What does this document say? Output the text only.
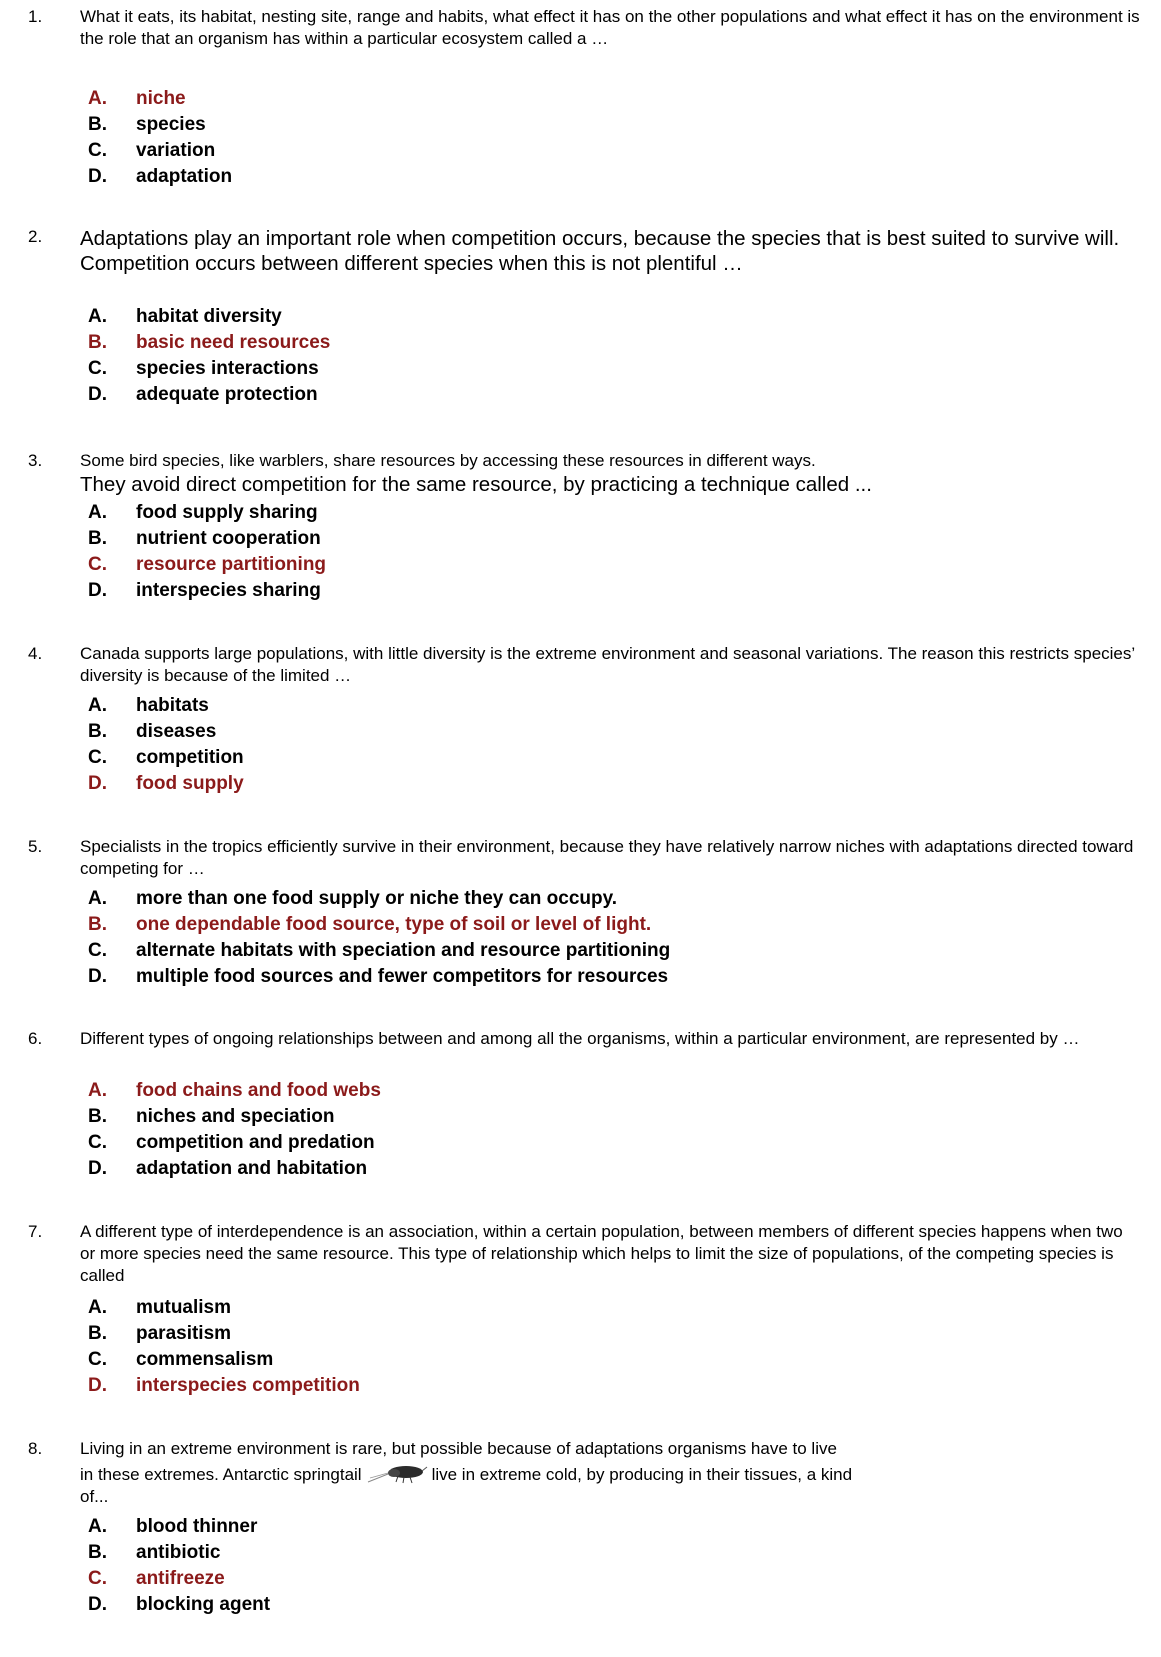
1. What it eats, its habitat, nesting site, range and habits, what effect it has on the other populations and what effect it has on the environment is the role that an organism has within a particular ecosystem called a …
A. niche
B. species
C. variation
D. adaptation
2. Adaptations play an important role when competition occurs, because the species that is best suited to survive will. Competition occurs between different species when this is not plentiful …
A. habitat diversity
B. basic need resources
C. species interactions
D. adequate protection
3. Some bird species, like warblers, share resources by accessing these resources in different ways.
They avoid direct competition for the same resource, by practicing a technique called ...
A. food supply sharing
B. nutrient cooperation
C. resource partitioning
D. interspecies sharing
4. Canada supports large populations, with little diversity is the extreme environment and seasonal variations. The reason this restricts species’ diversity is because of the limited …
A. habitats
B. diseases
C. competition
D. food supply
5. Specialists in the tropics efficiently survive in their environment, because they have relatively narrow niches with adaptations directed toward competing for …
A. more than one food supply or niche they can occupy.
B. one dependable food source, type of soil or level of light.
C. alternate habitats with speciation and resource partitioning
D. multiple food sources and fewer competitors for resources
6. Different types of ongoing relationships between and among all the organisms, within a particular environment, are represented by …
A. food chains and food webs
B. niches and speciation
C. competition and predation
D. adaptation and habitation
7. A different type of interdependence is an association, within a certain population, between members of different species happens when two or more species need the same resource. This type of relationship which helps to limit the size of populations, of the competing species is called
A. mutualism
B. parasitism
C. commensalism
D. interspecies competition
8. Living in an extreme environment is rare, but possible because of adaptations organisms have to live
in these extremes. Antarctic springtail	live in extreme cold, by producing in their tissues, a kind
of...
A. blood thinner
B. antibiotic
C. antifreeze
D. blocking agent
